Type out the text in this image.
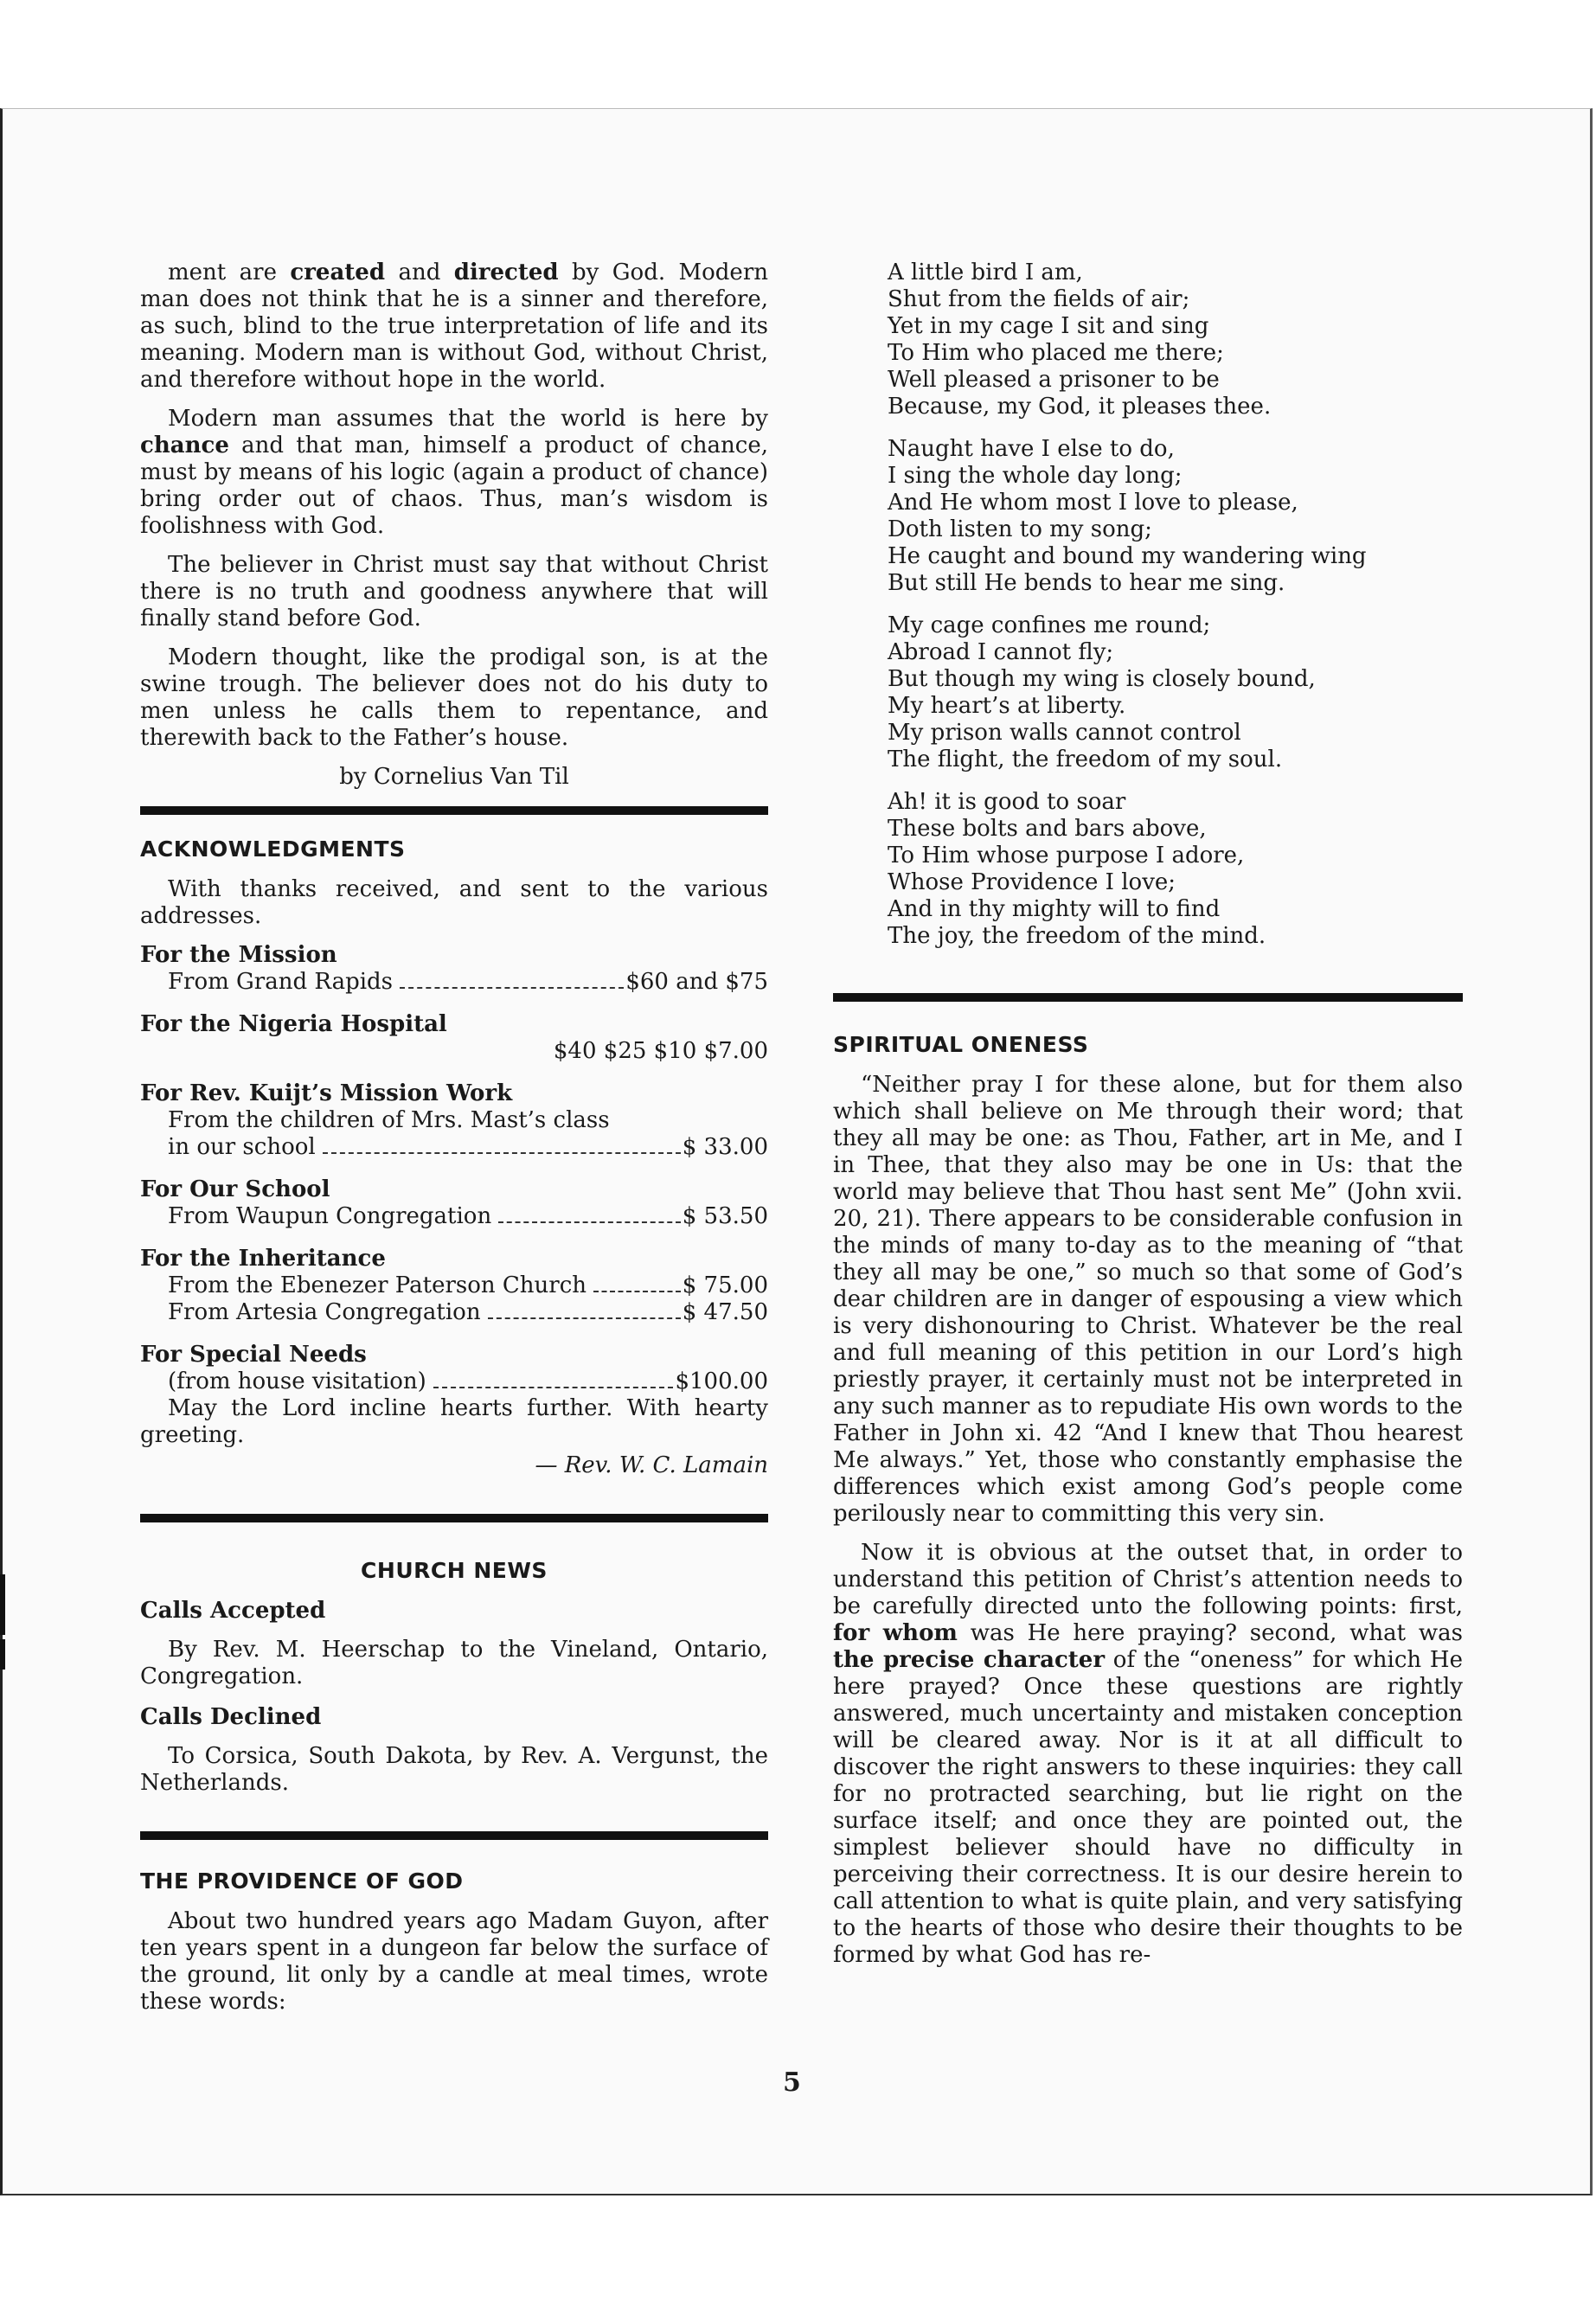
ment are created and directed by God. Modern man does not think that he is a sinner and therefore, as such, blind to the true interpretation of life and its meaning. Modern man is without God, without Christ, and therefore without hope in the world.

Modern man assumes that the world is here by chance and that man, himself a product of chance, must by means of his logic (again a product of chance) bring order out of chaos. Thus, man’s wisdom is foolishness with God.

The believer in Christ must say that without Christ there is no truth and goodness anywhere that will finally stand before God.

Modern thought, like the prodigal son, is at the swine trough. The believer does not do his duty to men unless he calls them to repentance, and therewith back to the Father’s house.

by Cornelius Van Til
ACKNOWLEDGMENTS

With thanks received, and sent to the various addresses.

For the Mission
From Grand Rapids	$60 and $75
For the Nigeria Hospital
$40 $25 $10 $7.00
For Rev. Kuijt’s Mission Work
From the children of Mrs. Mast’s class
in our school	$ 33.00
For Our School
From Waupun Congregation	$ 53.50
For the Inheritance
From the Ebenezer Paterson Church	$ 75.00
From Artesia Congregation	$ 47.50
For Special Needs
(from house visitation)	$100.00

May the Lord incline hearts further. With hearty greeting.

— Rev. W. C. Lamain
CHURCH NEWS
Calls Accepted

By Rev. M. Heerschap to the Vineland, Ontario, Congregation.

Calls Declined

To Corsica, South Dakota, by Rev. A. Vergunst, the Netherlands.

THE PROVIDENCE OF GOD

About two hundred years ago Madam Guyon, after ten years spent in a dungeon far below the surface of the ground, lit only by a candle at meal times, wrote these words:

A little bird I am,
Shut from the fields of air;
Yet in my cage I sit and sing
To Him who placed me there;
Well pleased a prisoner to be
Because, my God, it pleases thee.
Naught have I else to do,
I sing the whole day long;
And He whom most I love to please,
Doth listen to my song;
He caught and bound my wandering wing
But still He bends to hear me sing.
My cage confines me round;
Abroad I cannot fly;
But though my wing is closely bound,
My heart’s at liberty.
My prison walls cannot control
The flight, the freedom of my soul.
Ah! it is good to soar
These bolts and bars above,
To Him whose purpose I adore,
Whose Providence I love;
And in thy mighty will to find
The joy, the freedom of the mind.
SPIRITUAL ONENESS

“Neither pray I for these alone, but for them also which shall believe on Me through their word; that they all may be one: as Thou, Father, art in Me, and I in Thee, that they also may be one in Us: that the world may believe that Thou hast sent Me” (John xvii. 20, 21). There appears to be considerable confusion in the minds of many to-day as to the meaning of “that they all may be one,” so much so that some of God’s dear children are in danger of espousing a view which is very dishonouring to Christ. Whatever be the real and full meaning of this petition in our Lord’s high priestly prayer, it certainly must not be interpreted in any such manner as to repudiate His own words to the Father in John xi. 42 “And I knew that Thou hearest Me always.” Yet, those who constantly emphasise the differences which exist among God’s people come perilously near to committing this very sin.

Now it is obvious at the outset that, in order to understand this petition of Christ’s attention needs to be carefully directed unto the following points: first, for whom was He here praying? second, what was the precise character of the “oneness” for which He here prayed? Once these questions are rightly answered, much uncertainty and mistaken conception will be cleared away. Nor is it at all difficult to discover the right answers to these inquiries: they call for no protracted searching, but lie right on the surface itself; and once they are pointed out, the simplest believer should have no difficulty in perceiving their correctness. It is our desire herein to call attention to what is quite plain, and very satisfying to the hearts of those who desire their thoughts to be formed by what God has re-

5
